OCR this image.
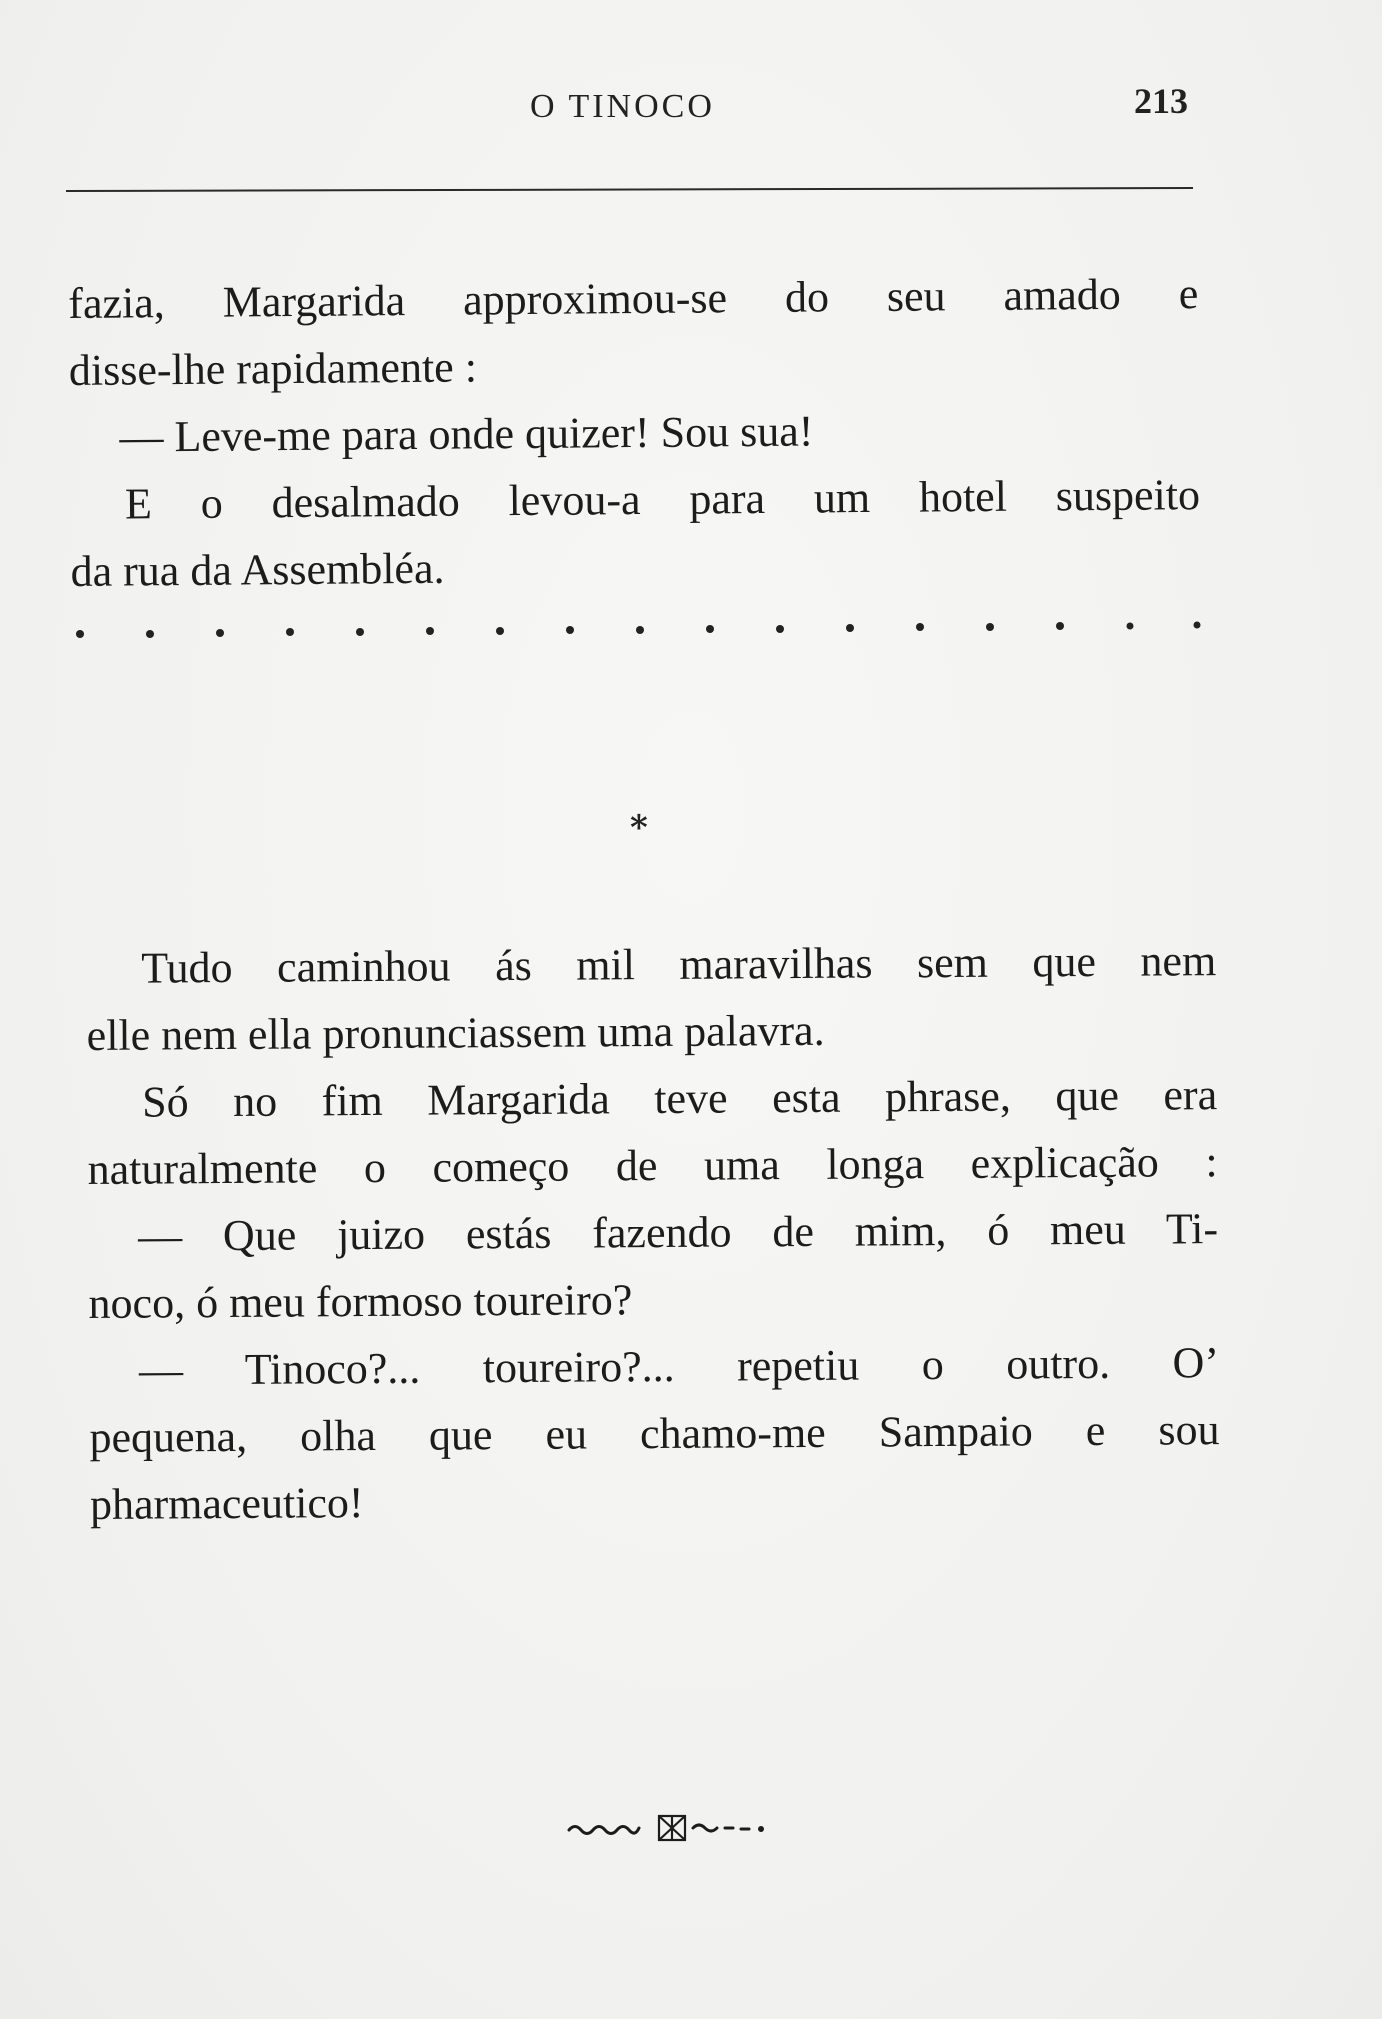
O TINOCO	213
fazia, Margarida approximou-se do seu amado e
disse-lhe rapidamente :
— Leve-me para onde quizer! Sou sua!
E o desalmado levou-a para um hotel suspeito
da rua da Assembléa.
*
Tudo caminhou ás mil maravilhas sem que nem
elle nem ella pronunciassem uma palavra.
Só no fim Margarida teve esta phrase, que era
naturalmente o começo de uma longa explicação :
— Que juizo estás fazendo de mim, ó meu Ti-
noco, ó meu formoso toureiro?
— Tinoco?... toureiro?... repetiu o outro. O’
pequena, olha que eu chamo-me Sampaio e sou
pharmaceutico!
